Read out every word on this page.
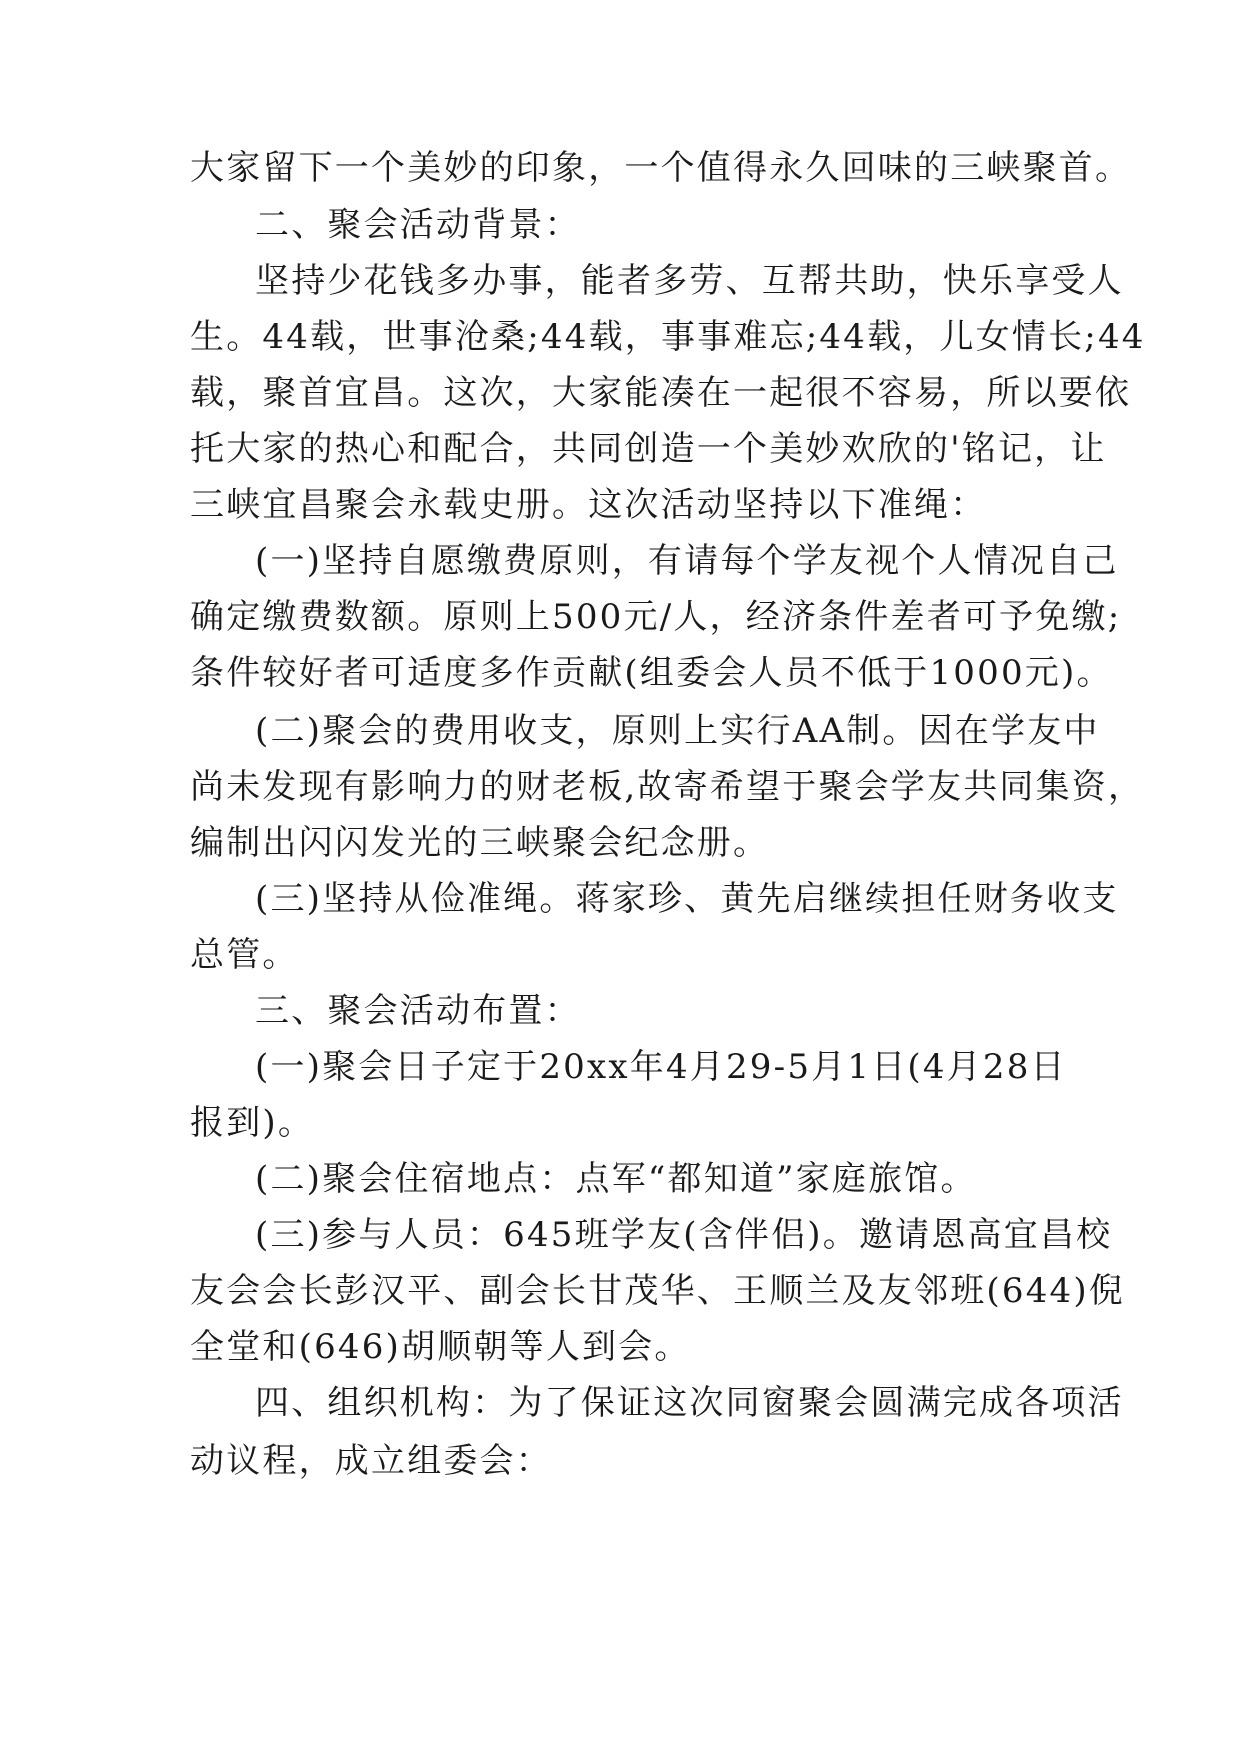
大家留下一个美妙的印象，一个值得永久回味的三峡聚首。
二、聚会活动背景：
坚持少花钱多办事，能者多劳、互帮共助，快乐享受人
生。44载，世事沧桑;44载，事事难忘;44载，儿女情长;44
载，聚首宜昌。这次，大家能凑在一起很不容易，所以要依
托大家的热心和配合，共同创造一个美妙欢欣的'铭记，让
三峡宜昌聚会永载史册。这次活动坚持以下准绳：
(一)坚持自愿缴费原则，有请每个学友视个人情况自己
确定缴费数额。原则上500元/人，经济条件差者可予免缴;
条件较好者可适度多作贡献(组委会人员不低于1000元)。
(二)聚会的费用收支，原则上实行AA制。因在学友中
尚未发现有影响力的财老板,故寄希望于聚会学友共同集资，
编制出闪闪发光的三峡聚会纪念册。
(三)坚持从俭准绳。蒋家珍、黄先启继续担任财务收支
总管。
三、聚会活动布置：
(一)聚会日子定于20xx年4月29-5月1日(4月28日
报到)。
(二)聚会住宿地点：点军“都知道”家庭旅馆。
(三)参与人员：645班学友(含伴侣)。邀请恩高宜昌校
友会会长彭汉平、副会长甘茂华、王顺兰及友邻班(644)倪
全堂和(646)胡顺朝等人到会。
四、组织机构：为了保证这次同窗聚会圆满完成各项活
动议程，成立组委会：
